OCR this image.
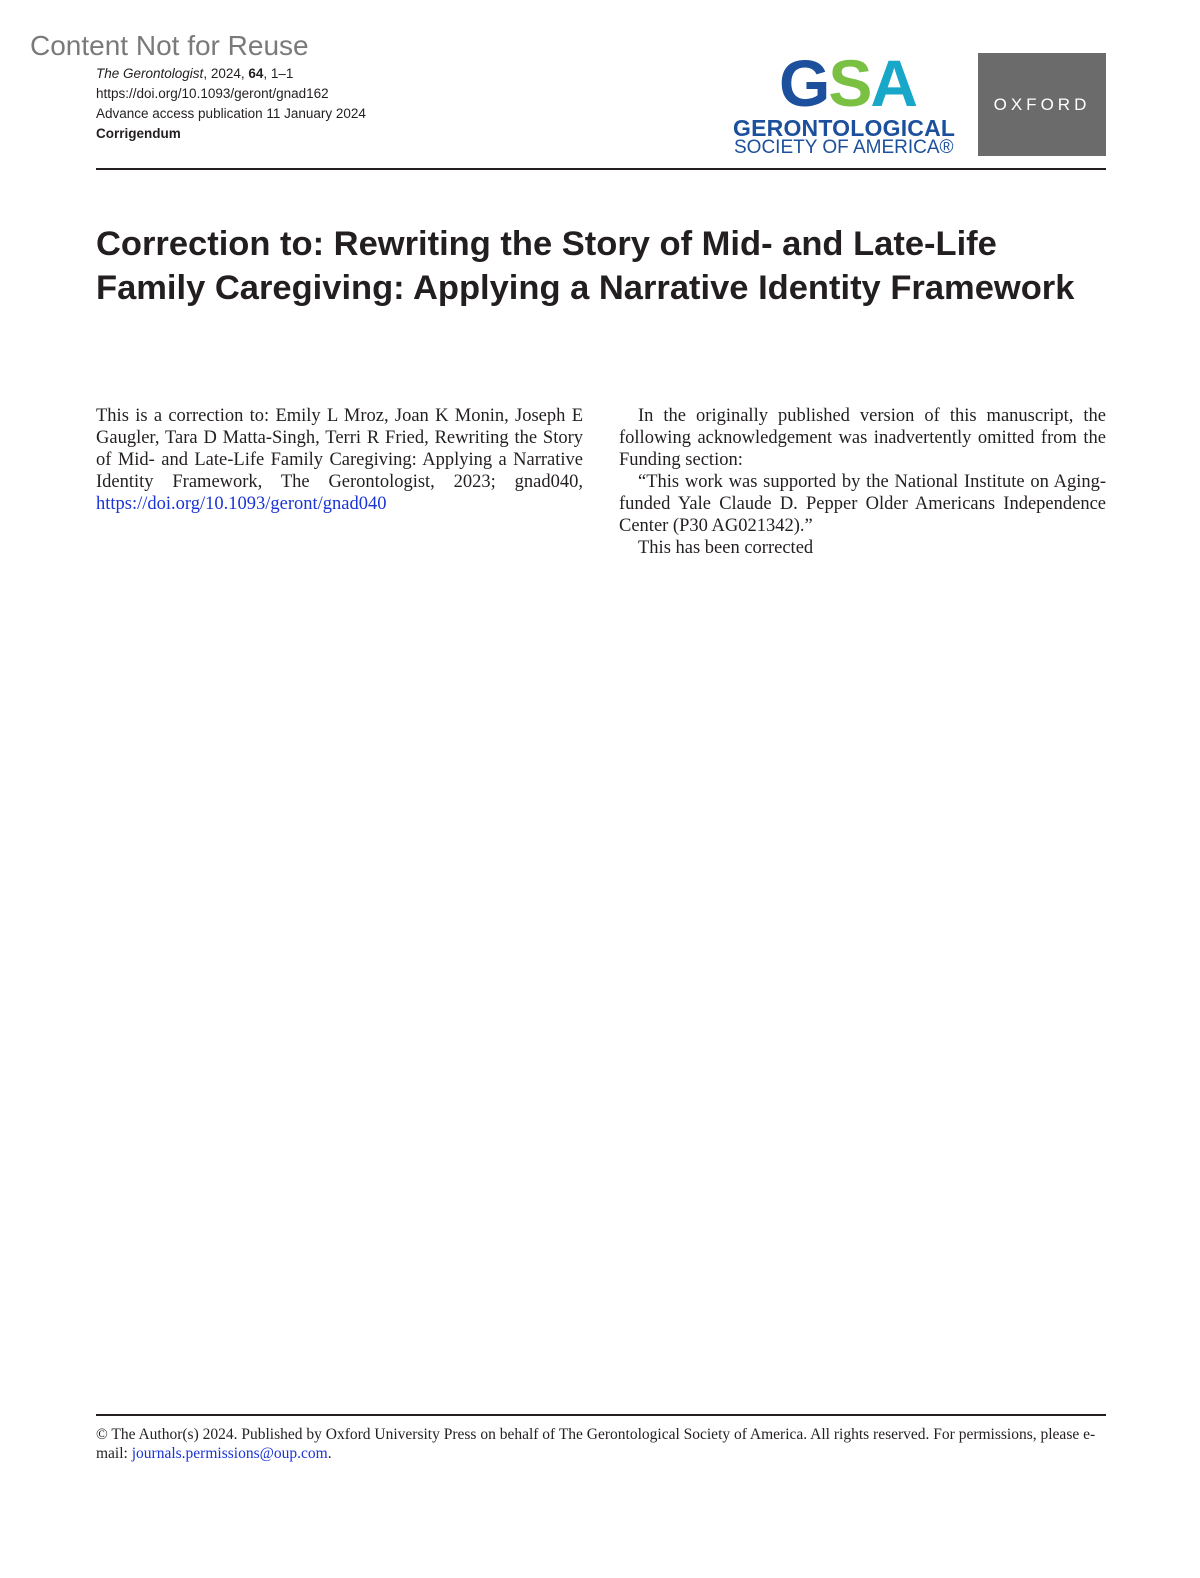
Content Not for Reuse
The Gerontologist, 2024, 64, 1–1
https://doi.org/10.1093/geront/gnad162
Advance access publication 11 January 2024
Corrigendum
GSA
GERONTOLOGICAL
SOCIETY OF AMERICA®
OXFORD
Correction to: Rewriting the Story of Mid- and Late-Life Family Caregiving: Applying a Narrative Identity Framework

This is a correction to: Emily L Mroz, Joan K Monin, Joseph E Gaugler, Tara D Matta-Singh, Terri R Fried, Rewriting the Story of Mid- and Late-Life Family Caregiving: Applying a Narrative Identity Framework, The Gerontologist, 2023; gnad040, https://doi.org/10.1093/geront/gnad040

In the originally published version of this manuscript, the following acknowledgement was inadvertently omitted from the Funding section:

“This work was supported by the National Institute on Aging-funded Yale Claude D. Pepper Older Americans Independence Center (P30 AG021342).”

This has been corrected

© The Author(s) 2024. Published by Oxford University Press on behalf of The Gerontological Society of America. All rights reserved. For permissions, please e-mail: journals.permissions@oup.com.
